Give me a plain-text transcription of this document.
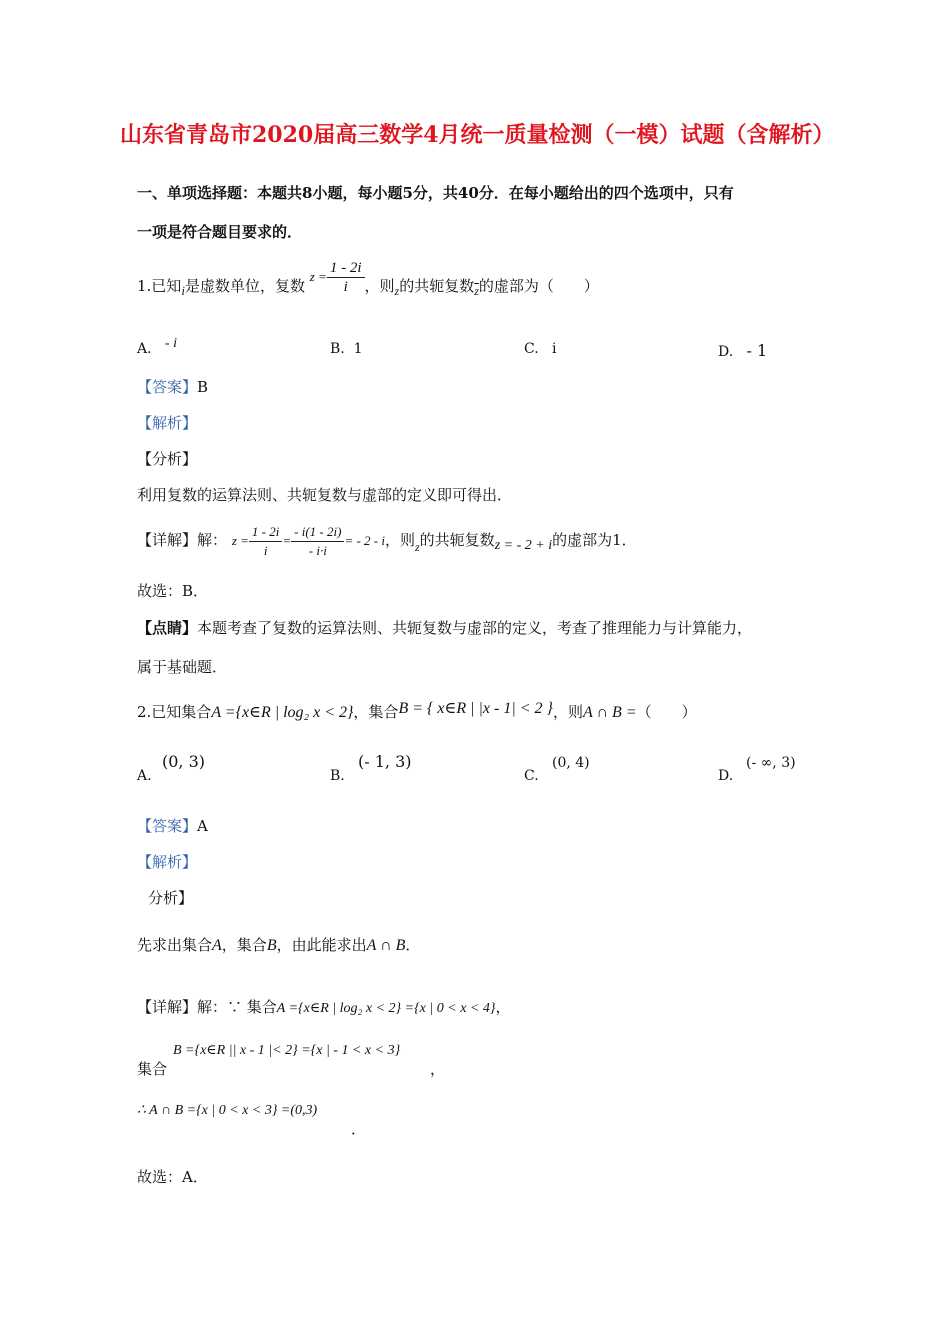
山东省青岛市2020届高三数学4月统一质量检测（一模）试题（含解析）
一、单项选择题：本题共8小题，每小题5分，共40分．在每小题给出的四个选项中，只有
一项是符合题目要求的．
1.已知i是虚数单位，复数 $z = \frac{1 - 2i}{i}$ ，则$_z$的共轭复数$_{\overline{z}}$的虚部为（　　）
A. - i	B. 1	C. i	D. - 1
【答案】B
【解析】
【分析】
利用复数的运算法则、共轭复数与虚部的定义即可得出．
【详解】解： $z = \frac{1 - 2i}{i} = \frac{- i(1 - 2i)}{- i\cdot i}$ = - 2 - i，则$_z$的共轭复数z = - 2 + i的虚部为1．
故选：B．
【点睛】本题考查了复数的运算法则、共轭复数与虚部的定义，考查了推理能力与计算能力，
属于基础题．
2.已知集合A ={x∈R | log₂ x < 2}，集合B = { x∈R | |x - 1| < 2 }，则A ∩ B =（　　）
A.
(0, 3)
B.
(- 1, 3)
C.
(0, 4)
D.
(- ∞, 3)
【答案】A
【解析】
分析】
先求出集合A，集合B，由此能求出A ∩ B．
【详解】解：∵ 集合A ={x∈R | log₂ x < 2} ={x | 0 < x < 4}，
集合
B ={x∈R || x - 1 |< 2} ={x | - 1 < x < 3}
，
∴ A ∩ B ={x | 0 < x < 3} =(0,3)
．
故选：A．
